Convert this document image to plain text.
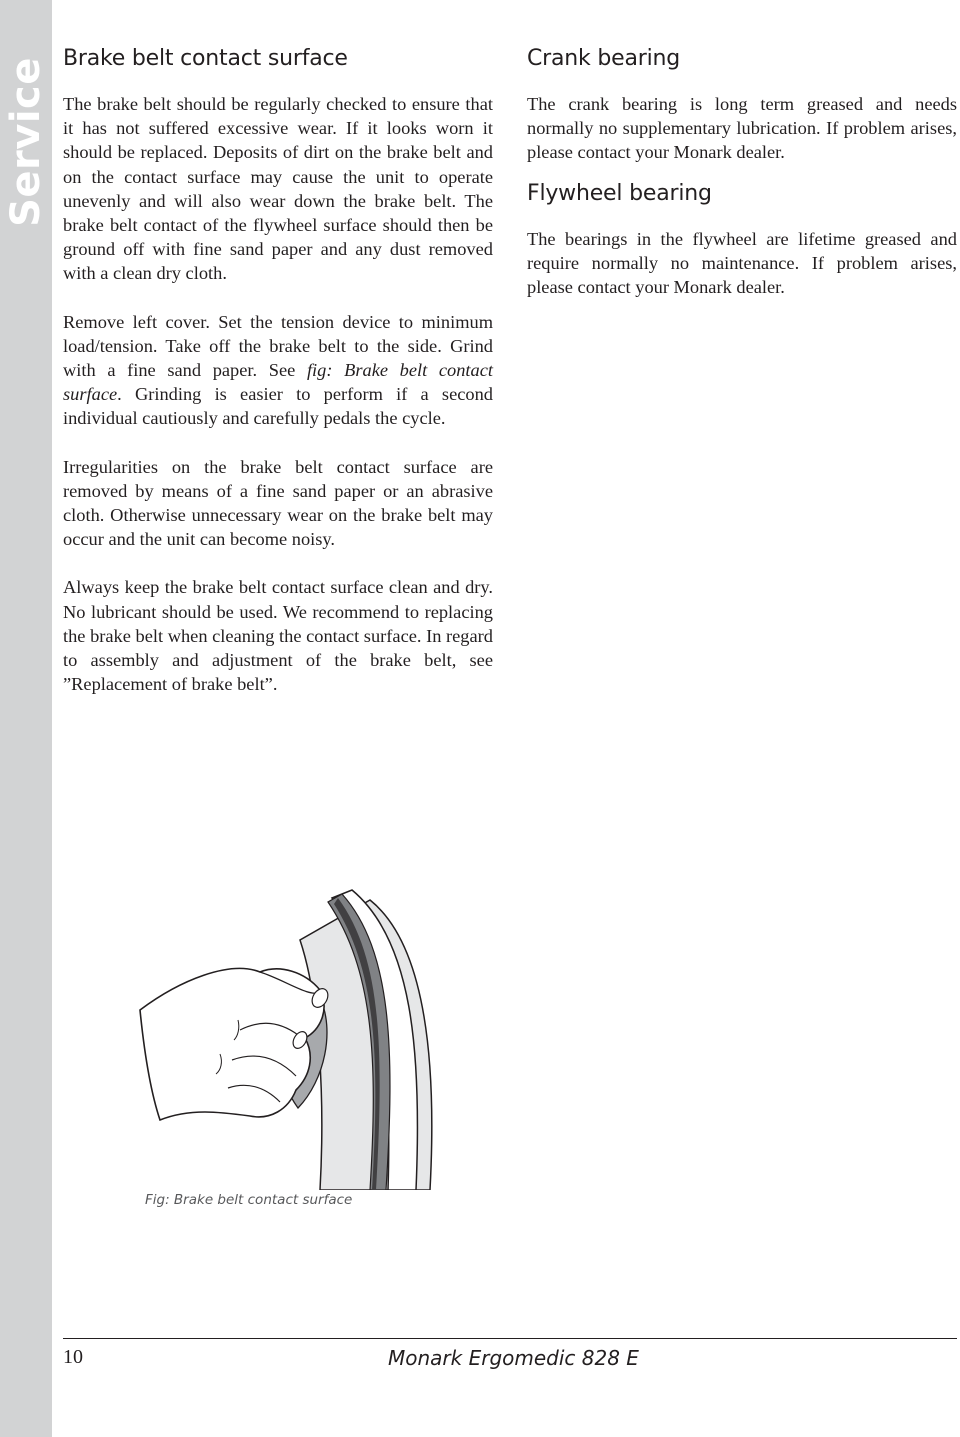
Service Brake belt contact surface

The brake belt should be regularly checked to ensure that it has not suffered excessive wear. If it looks worn it should be replaced. Deposits of dirt on the brake belt and on the contact surface may cause the unit to operate unevenly and will also wear down the brake belt. The brake belt contact of the flywheel surface should then be ground off with fine sand paper and any dust removed with a clean dry cloth.

Remove left cover. Set the tension device to minimum load/tension. Take off the brake belt to the side. Grind with a fine sand paper. See fig: Brake belt contact surface. Grinding is easier to perform if a second individual cautiously and carefully pedals the cycle.

Irregularities on the brake belt contact surface are removed by means of a fine sand paper or an abrasive cloth. Otherwise unnecessary wear on the brake belt may occur and the unit can become noisy.

Always keep the brake belt contact surface clean and dry. No lubricant should be used. We recommend to replacing the brake belt when cleaning the contact surface. In regard to assembly and adjustment of the brake belt, see ”Replacement of brake belt”.

Crank bearing

The crank bearing is long term greased and needs normally no supplementary lubrication. If problem arises, please contact your Monark dealer.

Flywheel bearing

The bearings in the flywheel are lifetime greased and require normally no maintenance. If problem arises, please contact your Monark dealer.

Fig: Brake belt contact surface
10	Monark Ergomedic 828 E
